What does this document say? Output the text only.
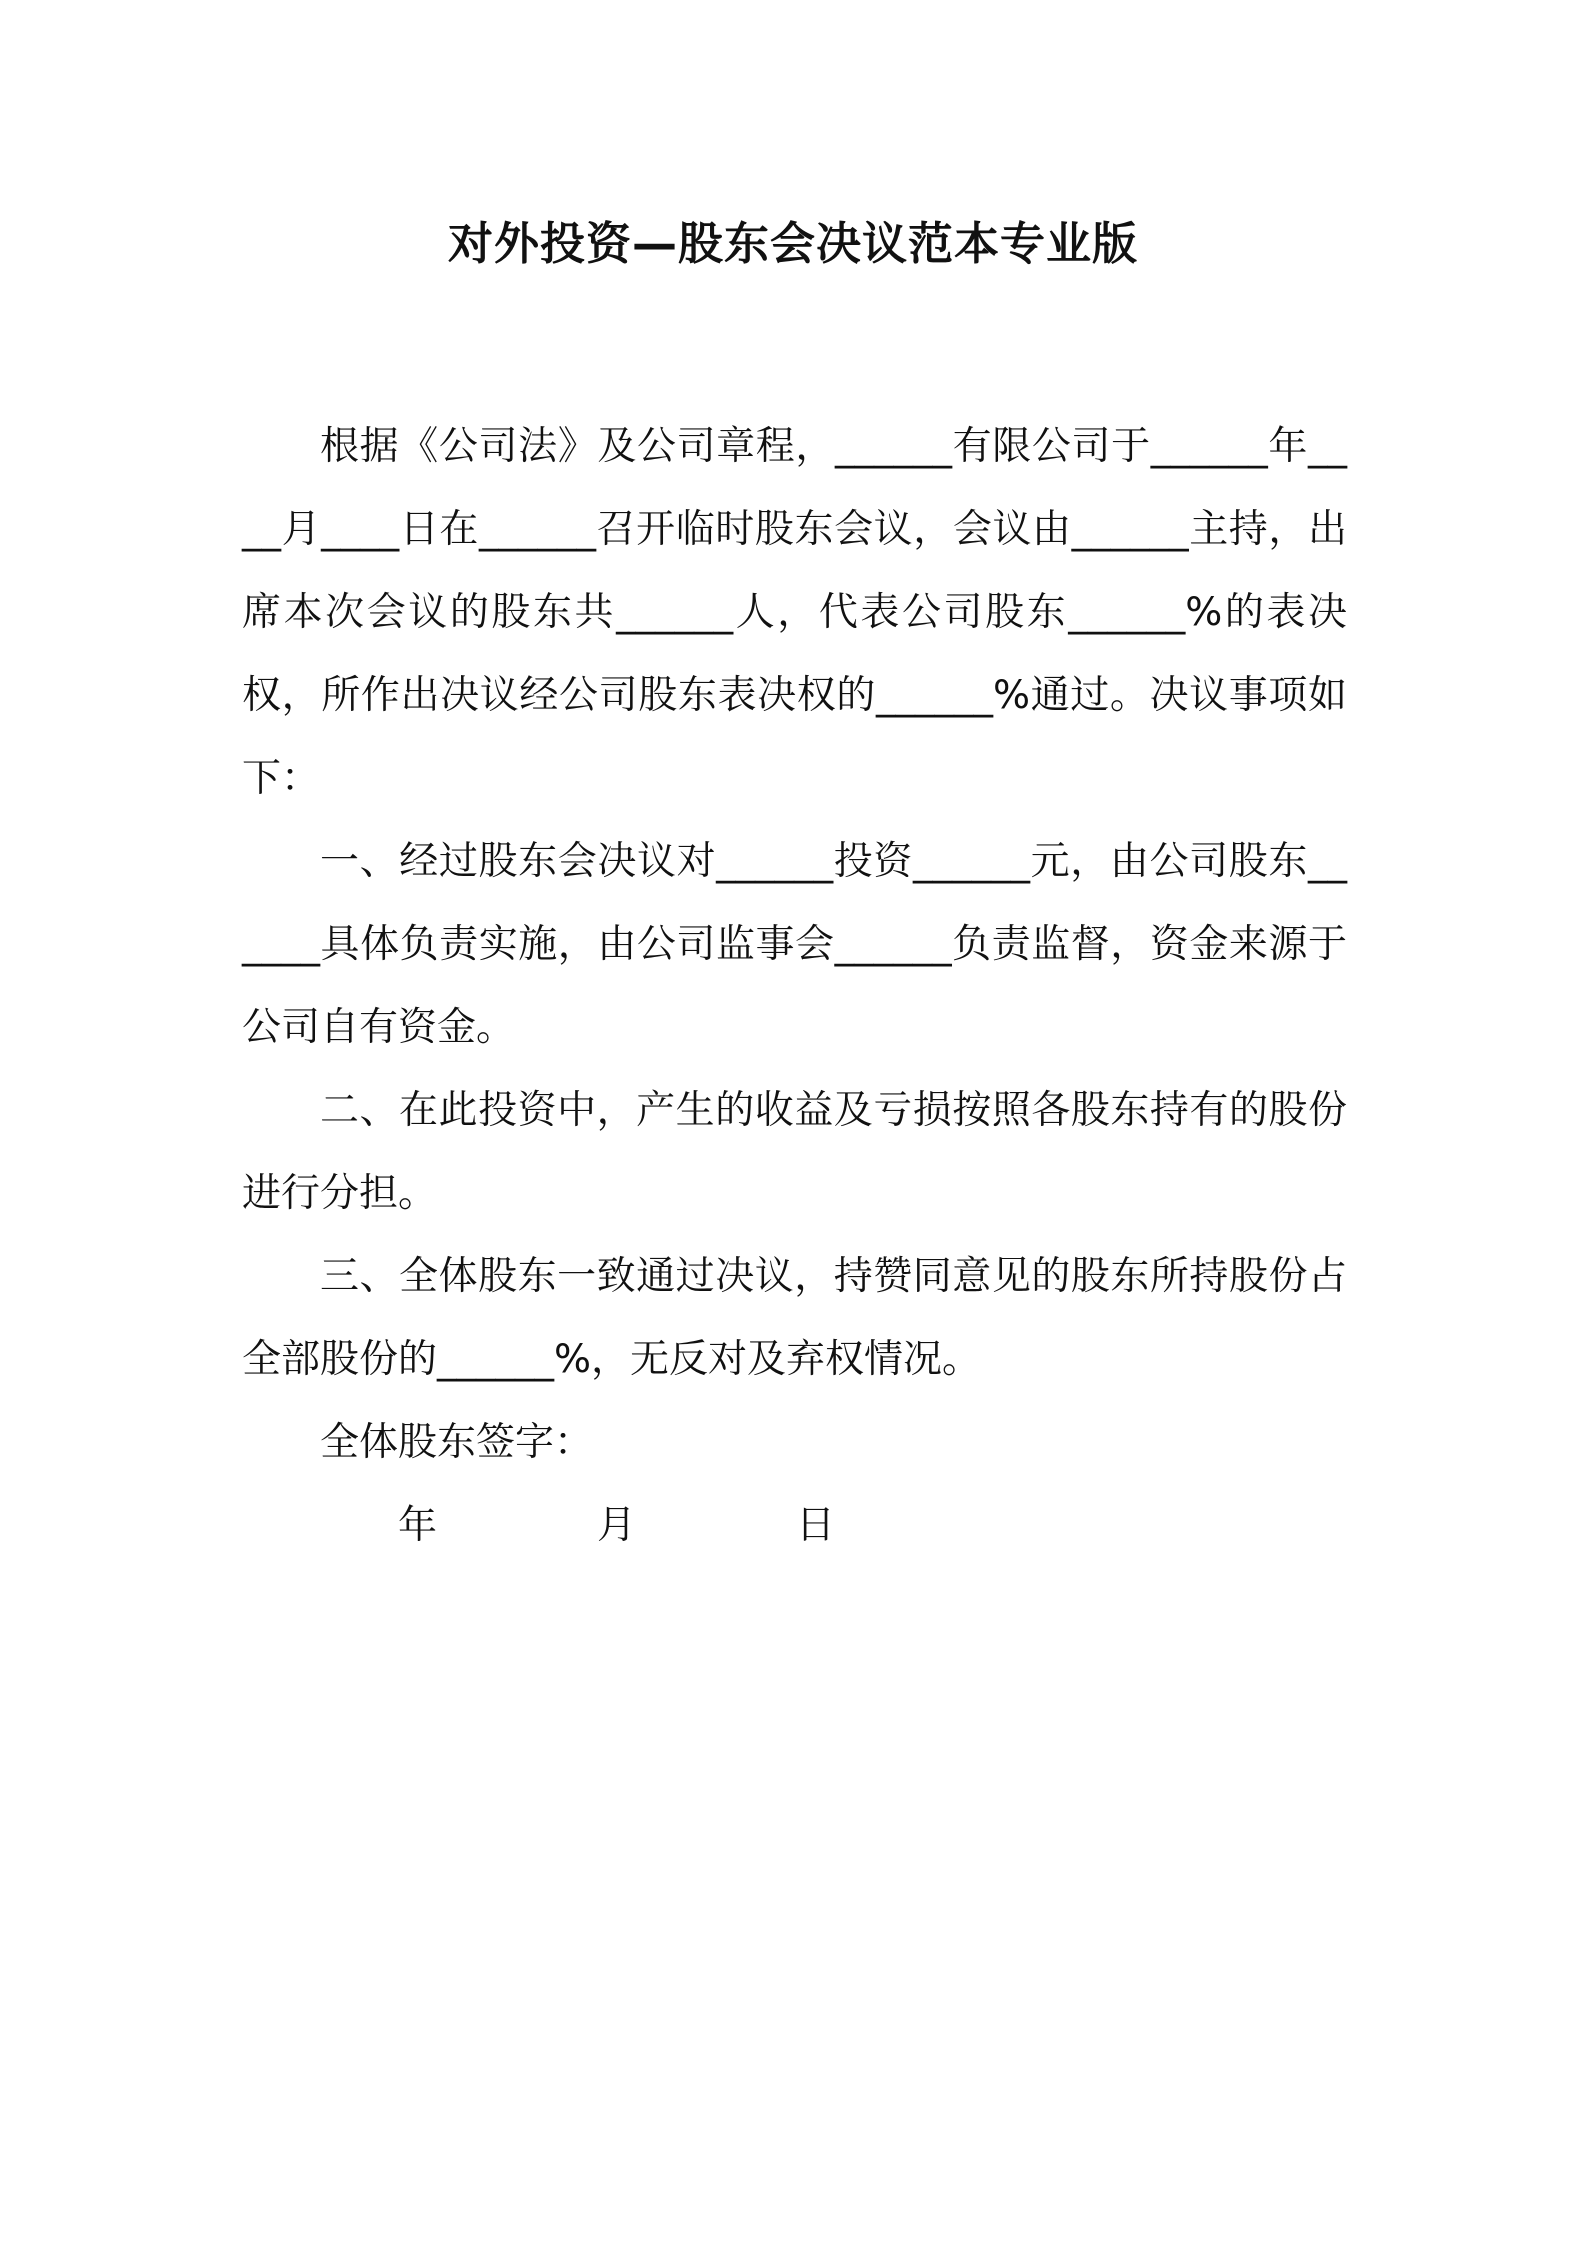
对外投资—股东会决议范本专业版

根据《公司法》及公司章程，______有限公司于______年____月____日在______召开临时股东会议，会议由______主持，出席本次会议的股东共______人，代表公司股东______%的表决权，所作出决议经公司股东表决权的______%通过。决议事项如下：

一、经过股东会决议对______投资______元，由公司股东______具体负责实施，由公司监事会______负责监督，资金来源于公司自有资金。

二、在此投资中，产生的收益及亏损按照各股东持有的股份进行分担。

三、全体股东一致通过决议，持赞同意见的股东所持股份占全部股份的______%，无反对及弃权情况。

全体股东签字：

年	月	日
